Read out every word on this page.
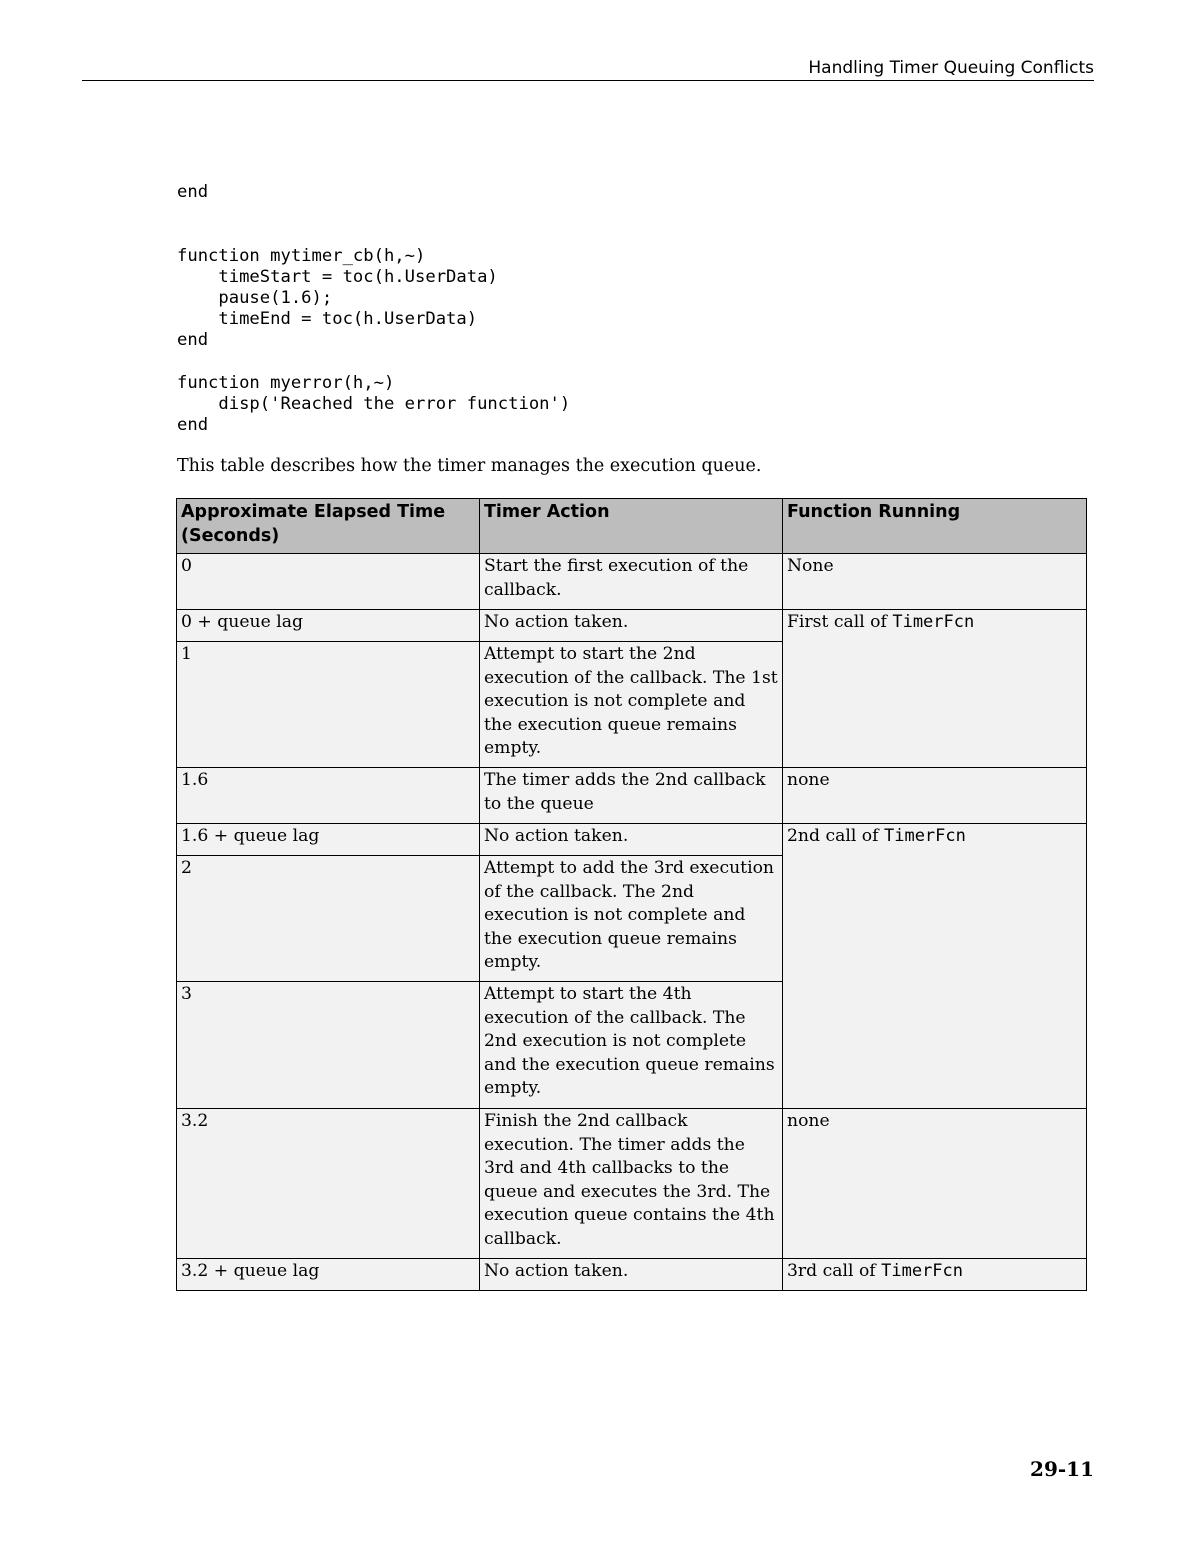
Handling Timer Queuing Conflicts
end

function mytimer_cb(h,~)
timeStart = toc(h.UserData)
pause(1.6);
timeEnd = toc(h.UserData)
end

function myerror(h,~)
disp('Reached the error function')
end
This table describes how the timer manages the execution queue.
Approximate Elapsed Time (Seconds)	Timer Action	Function Running
0	Start the first execution of the callback.	None
0 + queue lag	No action taken.	First call of TimerFcn
1	Attempt to start the 2nd execution of the callback. The 1st execution is not complete and the execution queue remains empty.	
1.6	The timer adds the 2nd callback to the queue	none
1.6 + queue lag	No action taken.	2nd call of TimerFcn
2	Attempt to add the 3rd execution of the callback. The 2nd execution is not complete and the execution queue remains empty.	
3	Attempt to start the 4th execution of the callback. The 2nd execution is not complete and the execution queue remains empty.	
3.2	Finish the 2nd callback execution. The timer adds the 3rd and 4th callbacks to the queue and executes the 3rd. The execution queue contains the 4th callback.	none
3.2 + queue lag	No action taken.	3rd call of TimerFcn
29-11
